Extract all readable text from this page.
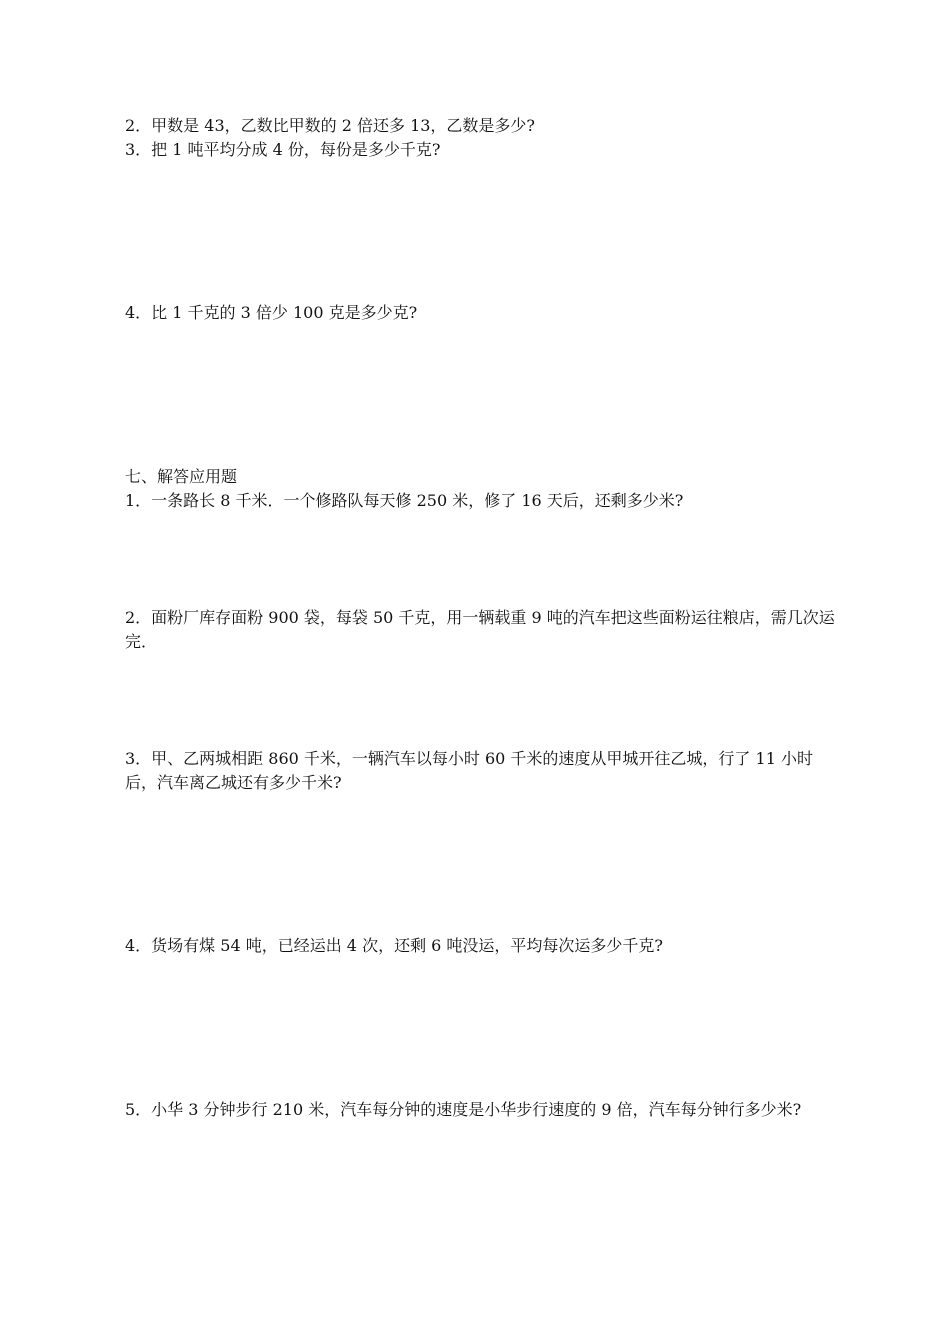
2．甲数是 43，乙数比甲数的 2 倍还多 13，乙数是多少?
3．把 1 吨平均分成 4 份，每份是多少千克?
4．比 1 千克的 3 倍少 100 克是多少克?
七、解答应用题
1．一条路长 8 千米．一个修路队每天修 250 米，修了 16 天后，还剩多少米?
2．面粉厂库存面粉 900 袋，每袋 50 千克，用一辆载重 9 吨的汽车把这些面粉运往粮店，需几次运完．
3．甲、乙两城相距 860 千米，一辆汽车以每小时 60 千米的速度从甲城开往乙城，行了 11 小时后，汽车离乙城还有多少千米?
4．货场有煤 54 吨，已经运出 4 次，还剩 6 吨没运，平均每次运多少千克?
5．小华 3 分钟步行 210 米，汽车每分钟的速度是小华步行速度的 9 倍，汽车每分钟行多少米?
